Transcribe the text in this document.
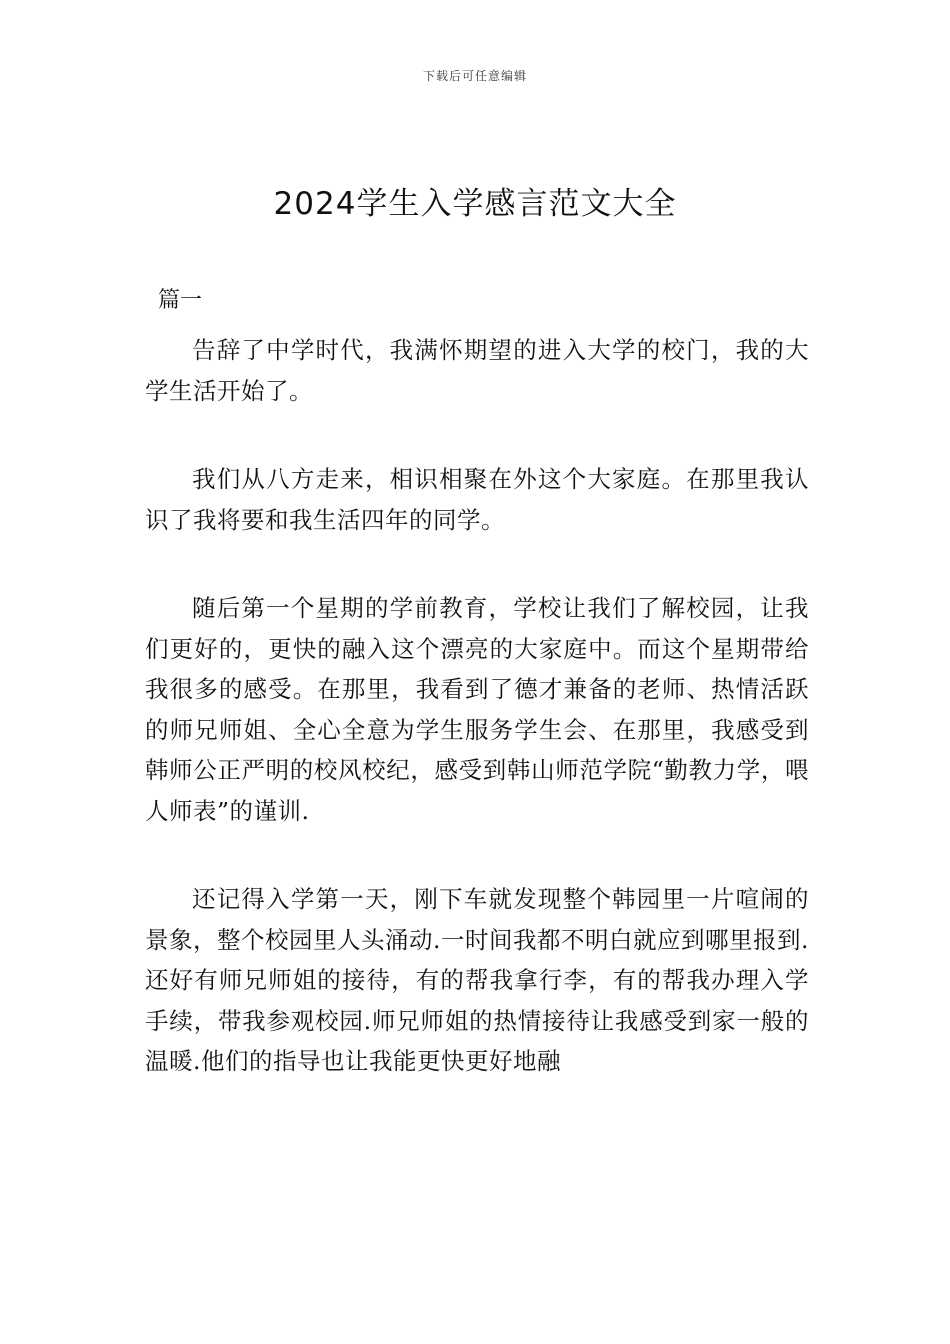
下载后可任意编辑
2024学生入学感言范文大全
篇一

告辞了中学时代，我满怀期望的进入大学的校门，我的大学生活开始了。

我们从八方走来，相识相聚在外这个大家庭。在那里我认识了我将要和我生活四年的同学。

随后第一个星期的学前教育，学校让我们了解校园，让我们更好的，更快的融入这个漂亮的大家庭中。而这个星期带给我很多的感受。在那里，我看到了德才兼备的老师、热情活跃的师兄师姐、全心全意为学生服务学生会、在那里，我感受到韩师公正严明的校风校纪，感受到韩山师范学院“勤教力学，喂人师表”的谨训.

还记得入学第一天，刚下车就发现整个韩园里一片喧闹的景象，整个校园里人头涌动.一时间我都不明白就应到哪里报到.还好有师兄师姐的接待，有的帮我拿行李，有的帮我办理入学手续，带我参观校园.师兄师姐的热情接待让我感受到家一般的温暖.他们的指导也让我能更快更好地融
